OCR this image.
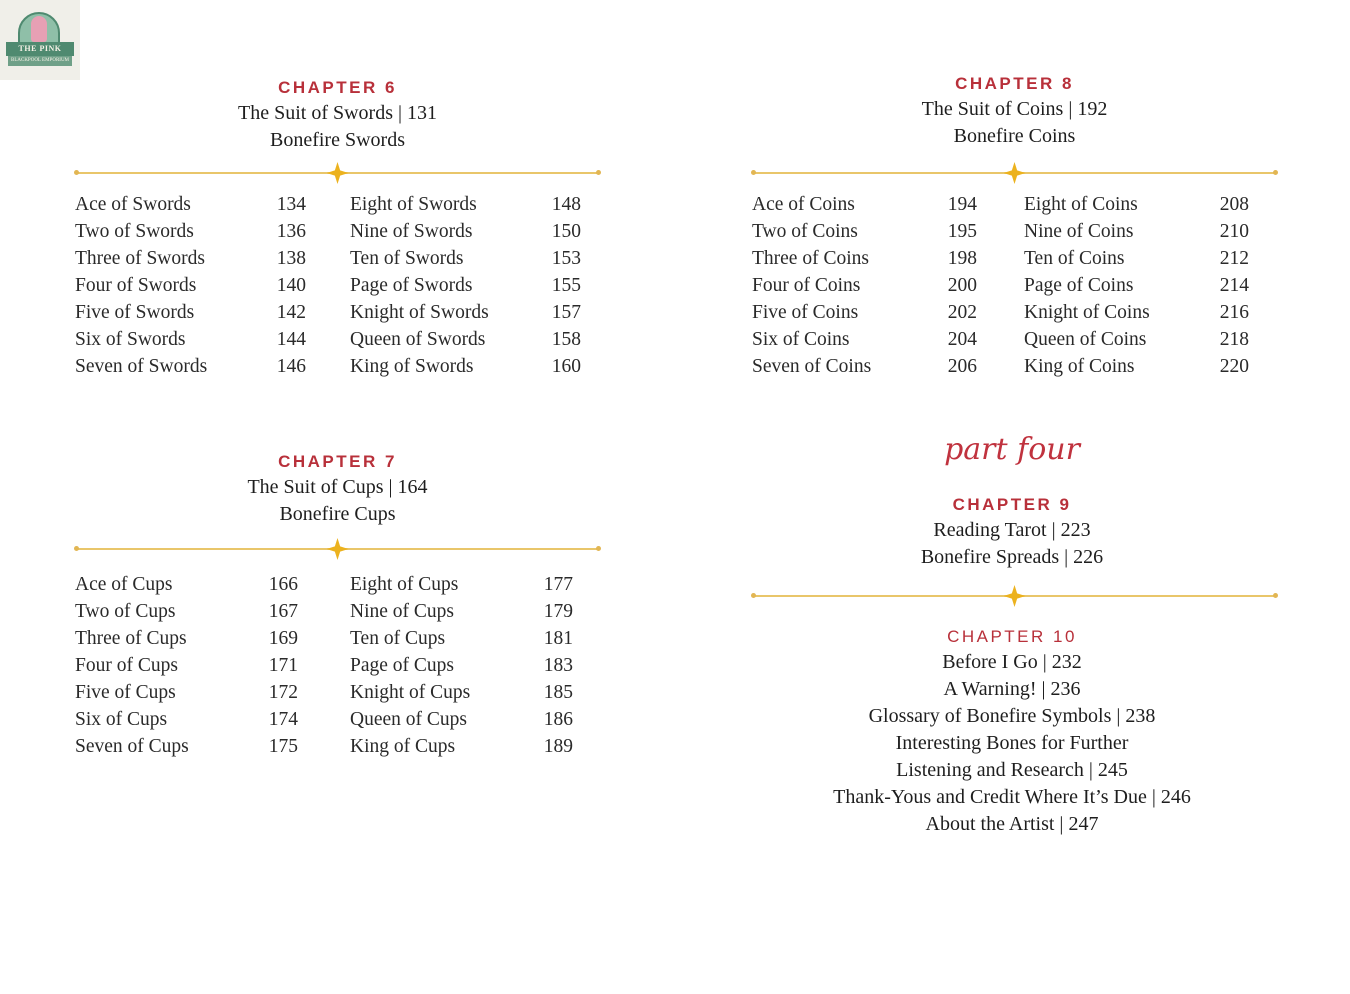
THE PINK
BLACKPOOL EMPORIUM
CHAPTER 6
The Suit of Swords | 131
Bonefire Swords
Ace of Swords	134
Two of Swords	136
Three of Swords	138
Four of Swords	140
Five of Swords	142
Six of Swords	144
Seven of Swords	146
Eight of Swords	148
Nine of Swords	150
Ten of Swords	153
Page of Swords	155
Knight of Swords	157
Queen of Swords	158
King of Swords	160
CHAPTER 7
The Suit of Cups | 164
Bonefire Cups
Ace of Cups	166
Two of Cups	167
Three of Cups	169
Four of Cups	171
Five of Cups	172
Six of Cups	174
Seven of Cups	175
Eight of Cups	177
Nine of Cups	179
Ten of Cups	181
Page of Cups	183
Knight of Cups	185
Queen of Cups	186
King of Cups	189
CHAPTER 8
The Suit of Coins | 192
Bonefire Coins
Ace of Coins	194
Two of Coins	195
Three of Coins	198
Four of Coins	200
Five of Coins	202
Six of Coins	204
Seven of Coins	206
Eight of Coins	208
Nine of Coins	210
Ten of Coins	212
Page of Coins	214
Knight of Coins	216
Queen of Coins	218
King of Coins	220
part four
CHAPTER 9
Reading Tarot | 223
Bonefire Spreads | 226
CHAPTER 10
Before I Go | 232
A Warning! | 236
Glossary of Bonefire Symbols | 238
Interesting Bones for Further
Listening and Research | 245
Thank-Yous and Credit Where It’s Due | 246
About the Artist | 247
